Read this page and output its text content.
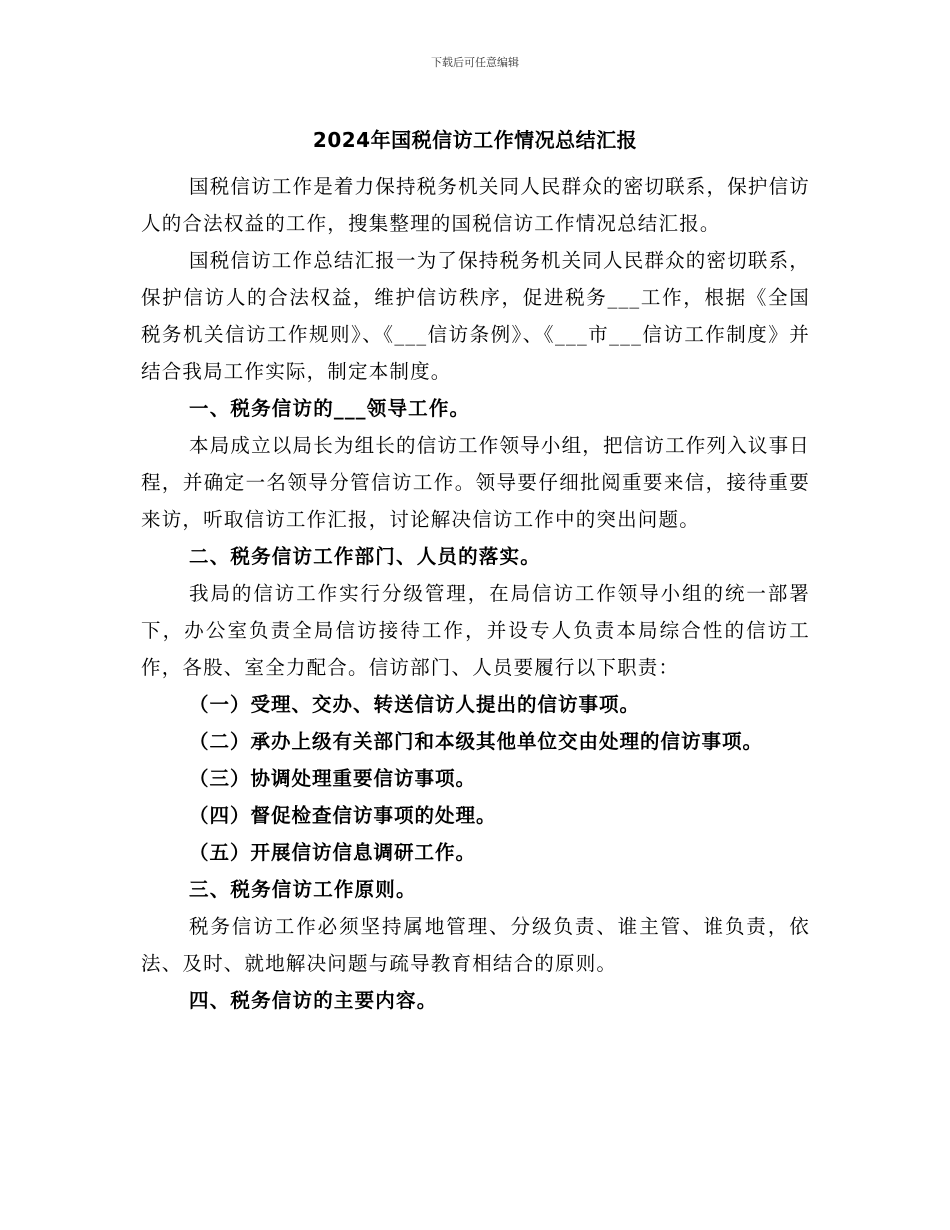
下载后可任意编辑
2024年国税信访工作情况总结汇报

国税信访工作是着力保持税务机关同人民群众的密切联系，保护信访人的合法权益的工作，搜集整理的国税信访工作情况总结汇报。

国税信访工作总结汇报一为了保持税务机关同人民群众的密切联系，保护信访人的合法权益，维护信访秩序，促进税务___工作，根据《全国税务机关信访工作规则》、《___信访条例》、《___市___信访工作制度》并结合我局工作实际，制定本制度。

一、税务信访的___领导工作。

本局成立以局长为组长的信访工作领导小组，把信访工作列入议事日程，并确定一名领导分管信访工作。领导要仔细批阅重要来信，接待重要来访，听取信访工作汇报，讨论解决信访工作中的突出问题。

二、税务信访工作部门、人员的落实。

我局的信访工作实行分级管理，在局信访工作领导小组的统一部署下，办公室负责全局信访接待工作，并设专人负责本局综合性的信访工作，各股、室全力配合。信访部门、人员要履行以下职责：

（一）受理、交办、转送信访人提出的信访事项。

（二）承办上级有关部门和本级其他单位交由处理的信访事项。

（三）协调处理重要信访事项。

（四）督促检查信访事项的处理。

（五）开展信访信息调研工作。

三、税务信访工作原则。

税务信访工作必须坚持属地管理、分级负责、谁主管、谁负责，依法、及时、就地解决问题与疏导教育相结合的原则。

四、税务信访的主要内容。
